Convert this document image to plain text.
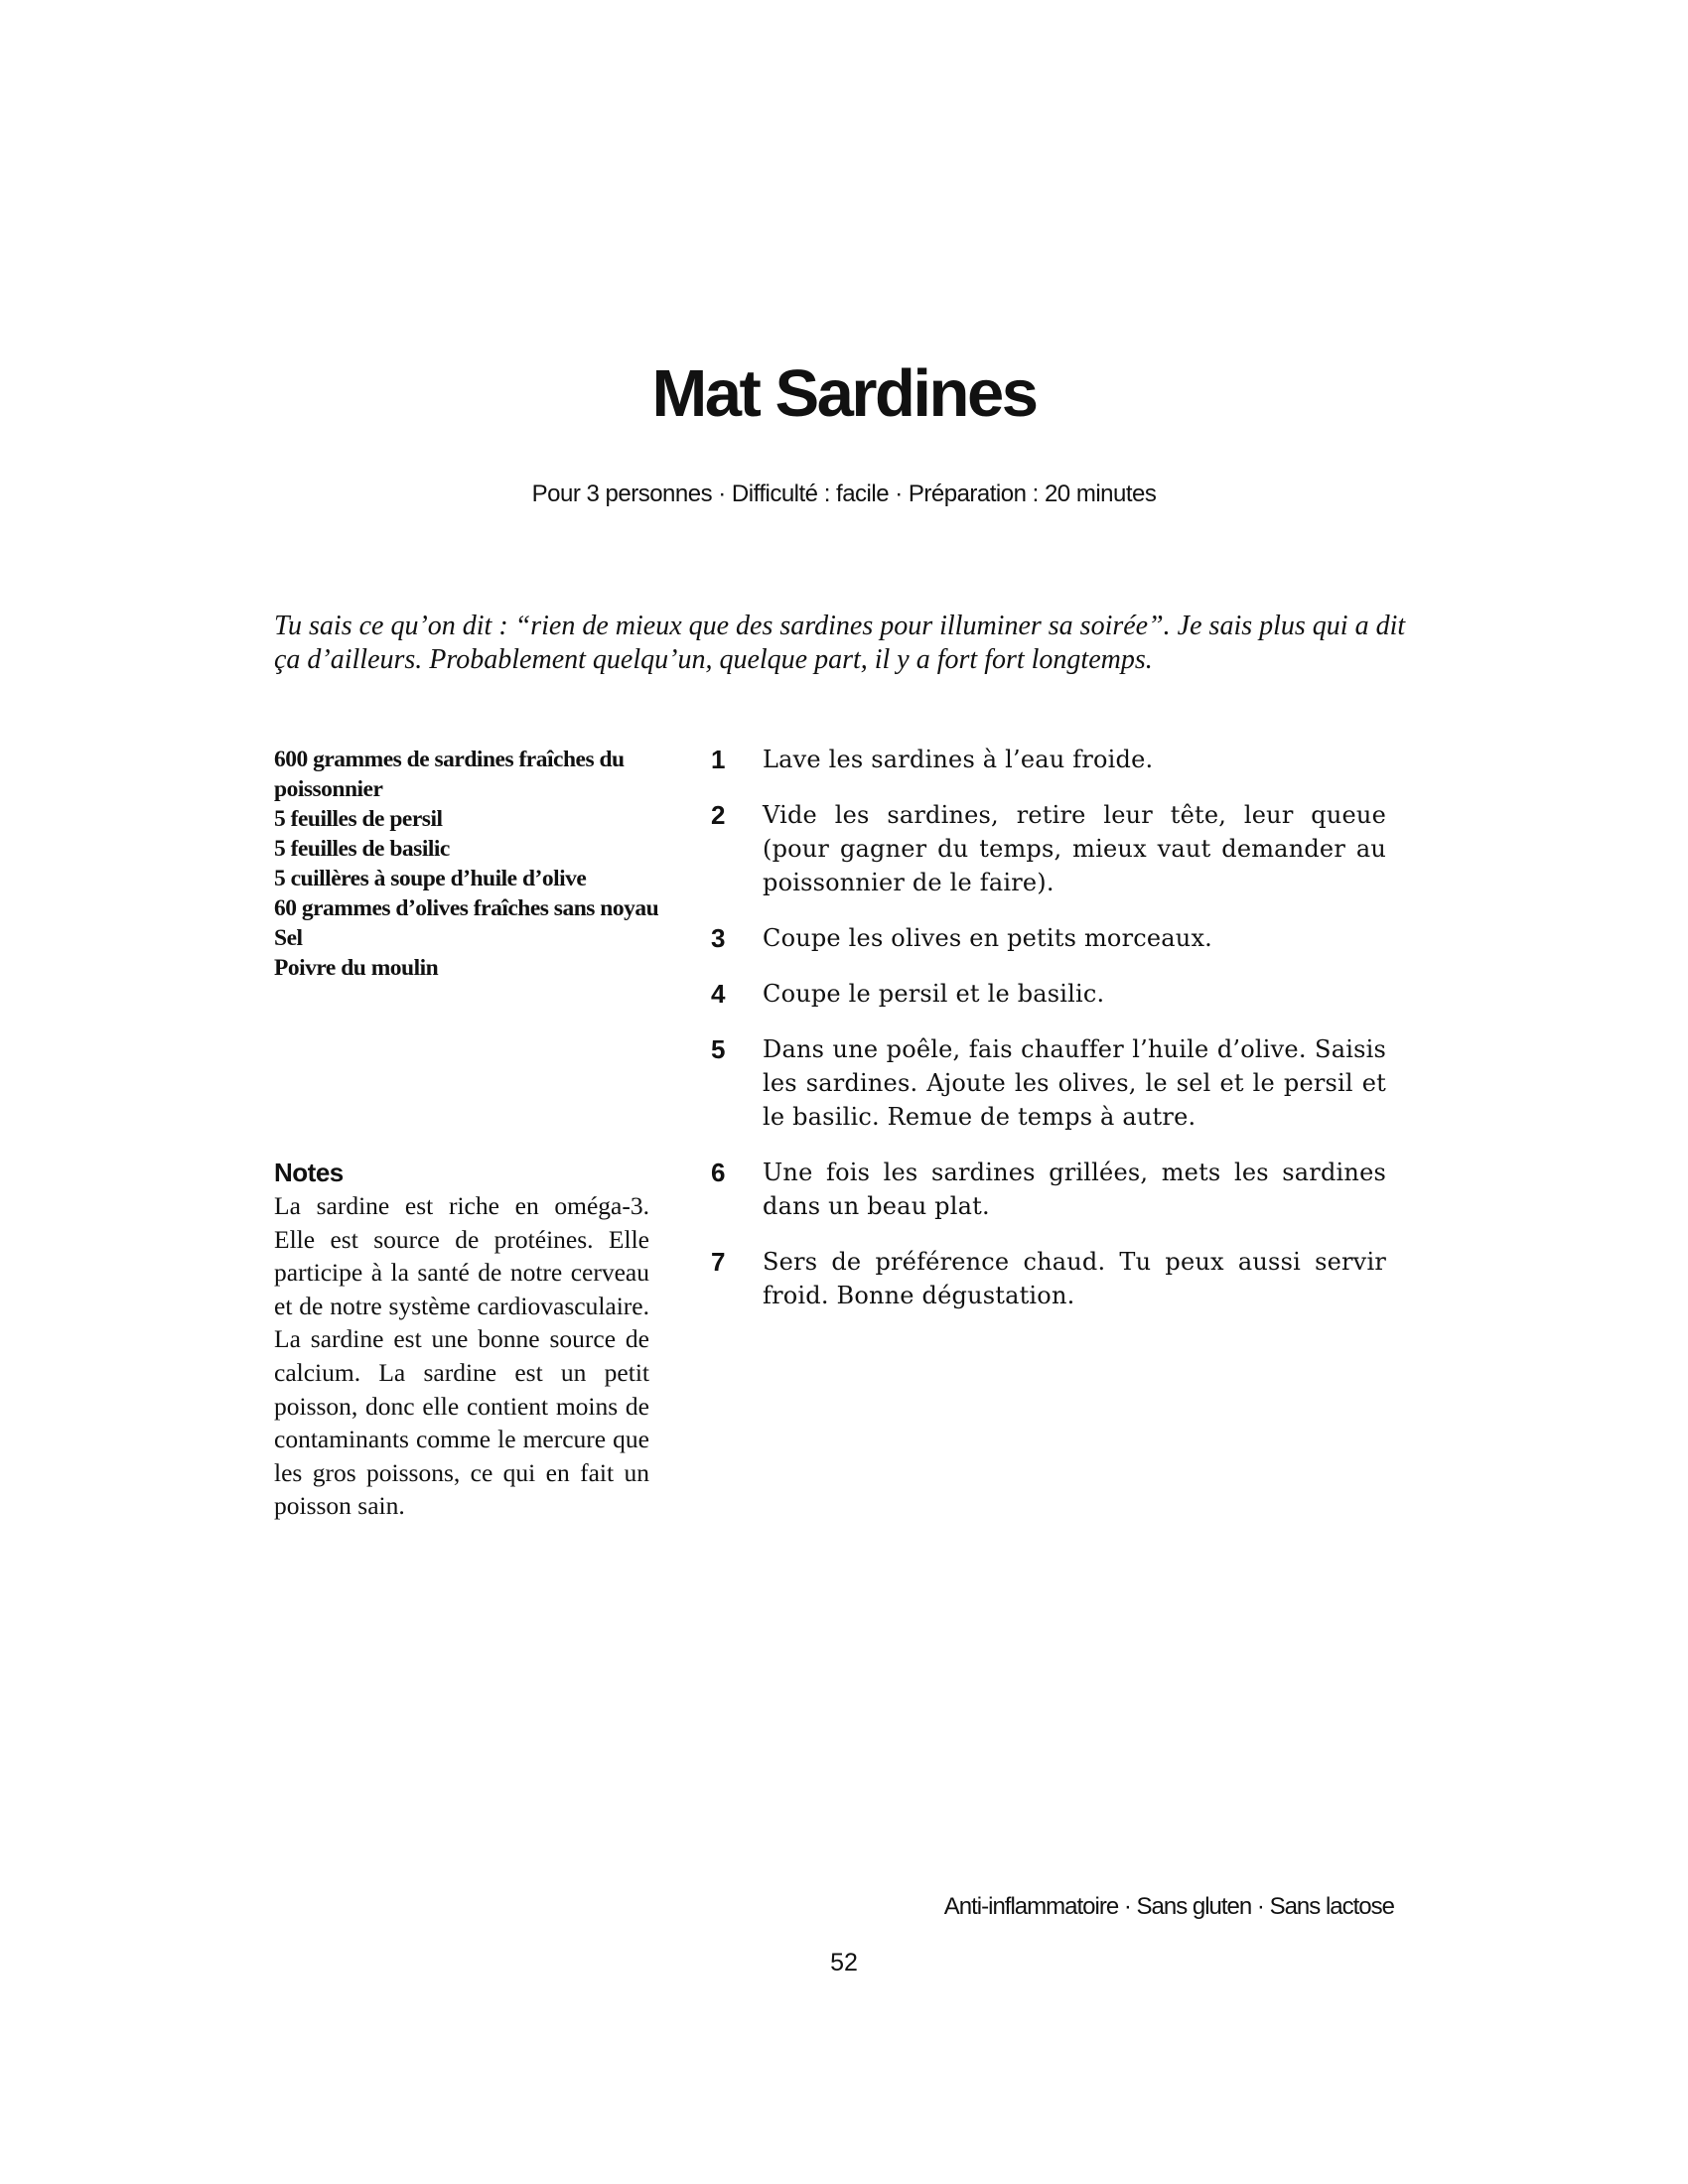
Mat Sardines
Pour 3 personnes · Difficulté : facile · Préparation : 20 minutes

Tu sais ce qu’on dit : “rien de mieux que des sardines pour illuminer sa soirée”. Je sais plus qui a dit ça d’ailleurs. Probablement quelqu’un, quelque part, il y a fort fort longtemps.

600 grammes de sardines fraîches du poissonnier
5 feuilles de persil
5 feuilles de basilic
5 cuillères à soupe d’huile d’olive
60 grammes d’olives fraîches sans noyau
Sel
Poivre du moulin
Notes

La sardine est riche en oméga-3. Elle est source de protéines. Elle participe à la santé de notre cerveau et de notre système cardiovasculaire. La sardine est une bonne source de calcium. La sardine est un petit poisson, donc elle contient moins de contaminants comme le mercure que les gros poissons, ce qui en fait un poisson sain.

1 Lave les sardines à l’eau froide.
2 Vide les sardines, retire leur tête, leur queue (pour gagner du temps, mieux vaut demander au poissonnier de le faire).
3 Coupe les olives en petits morceaux.
4 Coupe le persil et le basilic.
5 Dans une poêle, fais chauffer l’huile d’olive. Saisis les sardines. Ajoute les olives, le sel et le persil et le basilic. Remue de temps à autre.
6 Une fois les sardines grillées, mets les sardines dans un beau plat.
7 Sers de préférence chaud. Tu peux aussi servir froid. Bonne dégustation.
Anti-inflammatoire · Sans gluten · Sans lactose
52
